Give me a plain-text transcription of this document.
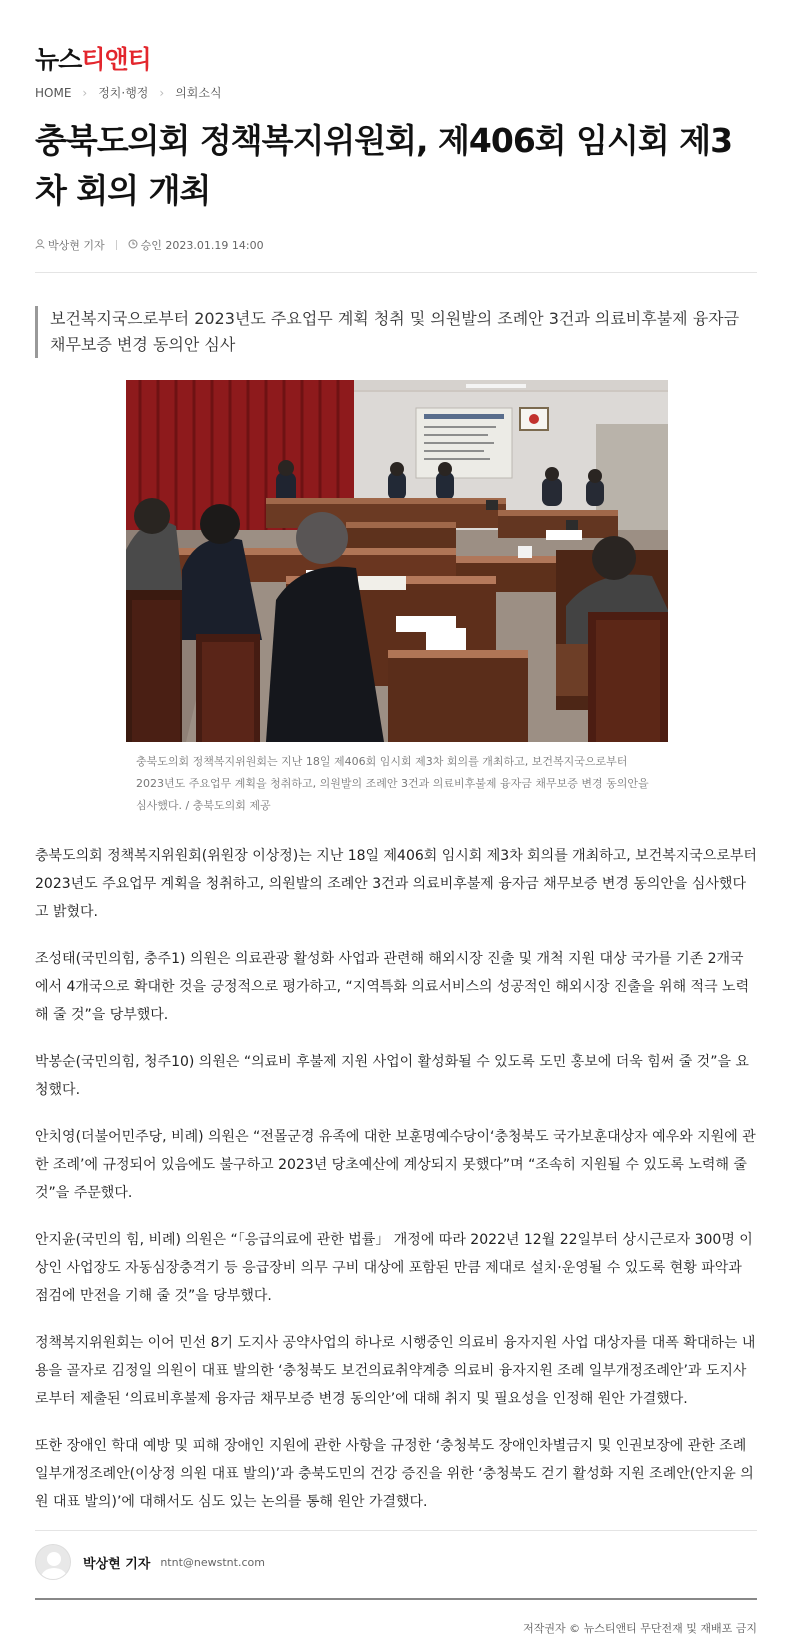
뉴스티앤티
HOME › 정치·행정 › 의회소식
충북도의회 정책복지위원회, 제406회 임시회 제3차 회의 개최
박상현 기자	승인 2023.01.19 14:00
보건복지국으로부터 2023년도 주요업무 계획 청취 및 의원발의 조례안 3건과 의료비후불제 융자금 채무보증 변경 동의안 심사
충북도의회 정책복지위원회는 지난 18일 제406회 임시회 제3차 회의를 개최하고, 보건복지국으로부터 2023년도 주요업무 계획을 청취하고, 의원발의 조례안 3건과 의료비후불제 융자금 채무보증 변경 동의안을 심사했다. / 충북도의회 제공

충북도의회 정책복지위원회(위원장 이상정)는 지난 18일 제406회 임시회 제3차 회의를 개최하고, 보건복지국으로부터 2023년도 주요업무 계획을 청취하고, 의원발의 조례안 3건과 의료비후불제 융자금 채무보증 변경 동의안을 심사했다고 밝혔다.

조성태(국민의힘, 충주1) 의원은 의료관광 활성화 사업과 관련해 해외시장 진출 및 개척 지원 대상 국가를 기존 2개국에서 4개국으로 확대한 것을 긍정적으로 평가하고, “지역특화 의료서비스의 성공적인 해외시장 진출을 위해 적극 노력해 줄 것”을 당부했다.

박봉순(국민의힘, 청주10) 의원은 “의료비 후불제 지원 사업이 활성화될 수 있도록 도민 홍보에 더욱 힘써 줄 것”을 요청했다.

안치영(더불어민주당, 비례) 의원은 “전몰군경 유족에 대한 보훈명예수당이‘충청북도 국가보훈대상자 예우와 지원에 관한 조례’에 규정되어 있음에도 불구하고 2023년 당초예산에 계상되지 못했다”며 “조속히 지원될 수 있도록 노력해 줄 것”을 주문했다.

안지윤(국민의 힘, 비례) 의원은 “「응급의료에 관한 법률」 개정에 따라 2022년 12월 22일부터 상시근로자 300명 이상인 사업장도 자동심장충격기 등 응급장비 의무 구비 대상에 포함된 만큼 제대로 설치·운영될 수 있도록 현황 파악과 점검에 만전을 기해 줄 것”을 당부했다.

정책복지위원회는 이어 민선 8기 도지사 공약사업의 하나로 시행중인 의료비 융자지원 사업 대상자를 대폭 확대하는 내용을 골자로 김정일 의원이 대표 발의한 ‘충청북도 보건의료취약계층 의료비 융자지원 조례 일부개정조례안’과 도지사로부터 제출된 ‘의료비후불제 융자금 채무보증 변경 동의안’에 대해 취지 및 필요성을 인정해 원안 가결했다.

또한 장애인 학대 예방 및 피해 장애인 지원에 관한 사항을 규정한 ‘충청북도 장애인차별금지 및 인권보장에 관한 조례 일부개정조례안(이상정 의원 대표 발의)’과 충북도민의 건강 증진을 위한 ‘충청북도 걷기 활성화 지원 조례안(안지윤 의원 대표 발의)’에 대해서도 심도 있는 논의를 통해 원안 가결했다.

박상현 기자 ntnt@newstnt.com
저작권자 © 뉴스티앤티 무단전재 및 재배포 금지
